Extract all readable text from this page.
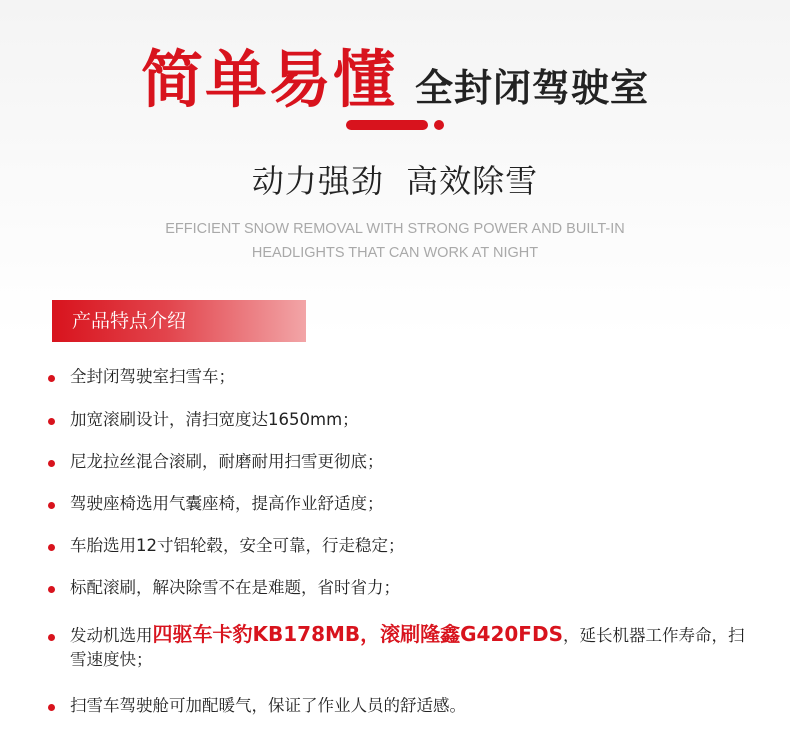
简单易懂 全封闭驾驶室
动力强劲  高效除雪
EFFICIENT SNOW REMOVAL WITH STRONG POWER AND BUILT-IN
HEADLIGHTS THAT CAN WORK AT NIGHT
产品特点介绍
全封闭驾驶室扫雪车；
加宽滚刷设计，清扫宽度达1650mm；
尼龙拉丝混合滚刷，耐磨耐用扫雪更彻底；
驾驶座椅选用气囊座椅，提高作业舒适度；
车胎选用12寸铝轮毂，安全可靠，行走稳定；
标配滚刷，解决除雪不在是难题，省时省力；
发动机选用四驱车卡豹KB178MB，滚刷隆鑫G420FDS，延长机器工作寿命，扫雪速度快；
扫雪车驾驶舱可加配暖气，保证了作业人员的舒适感。
